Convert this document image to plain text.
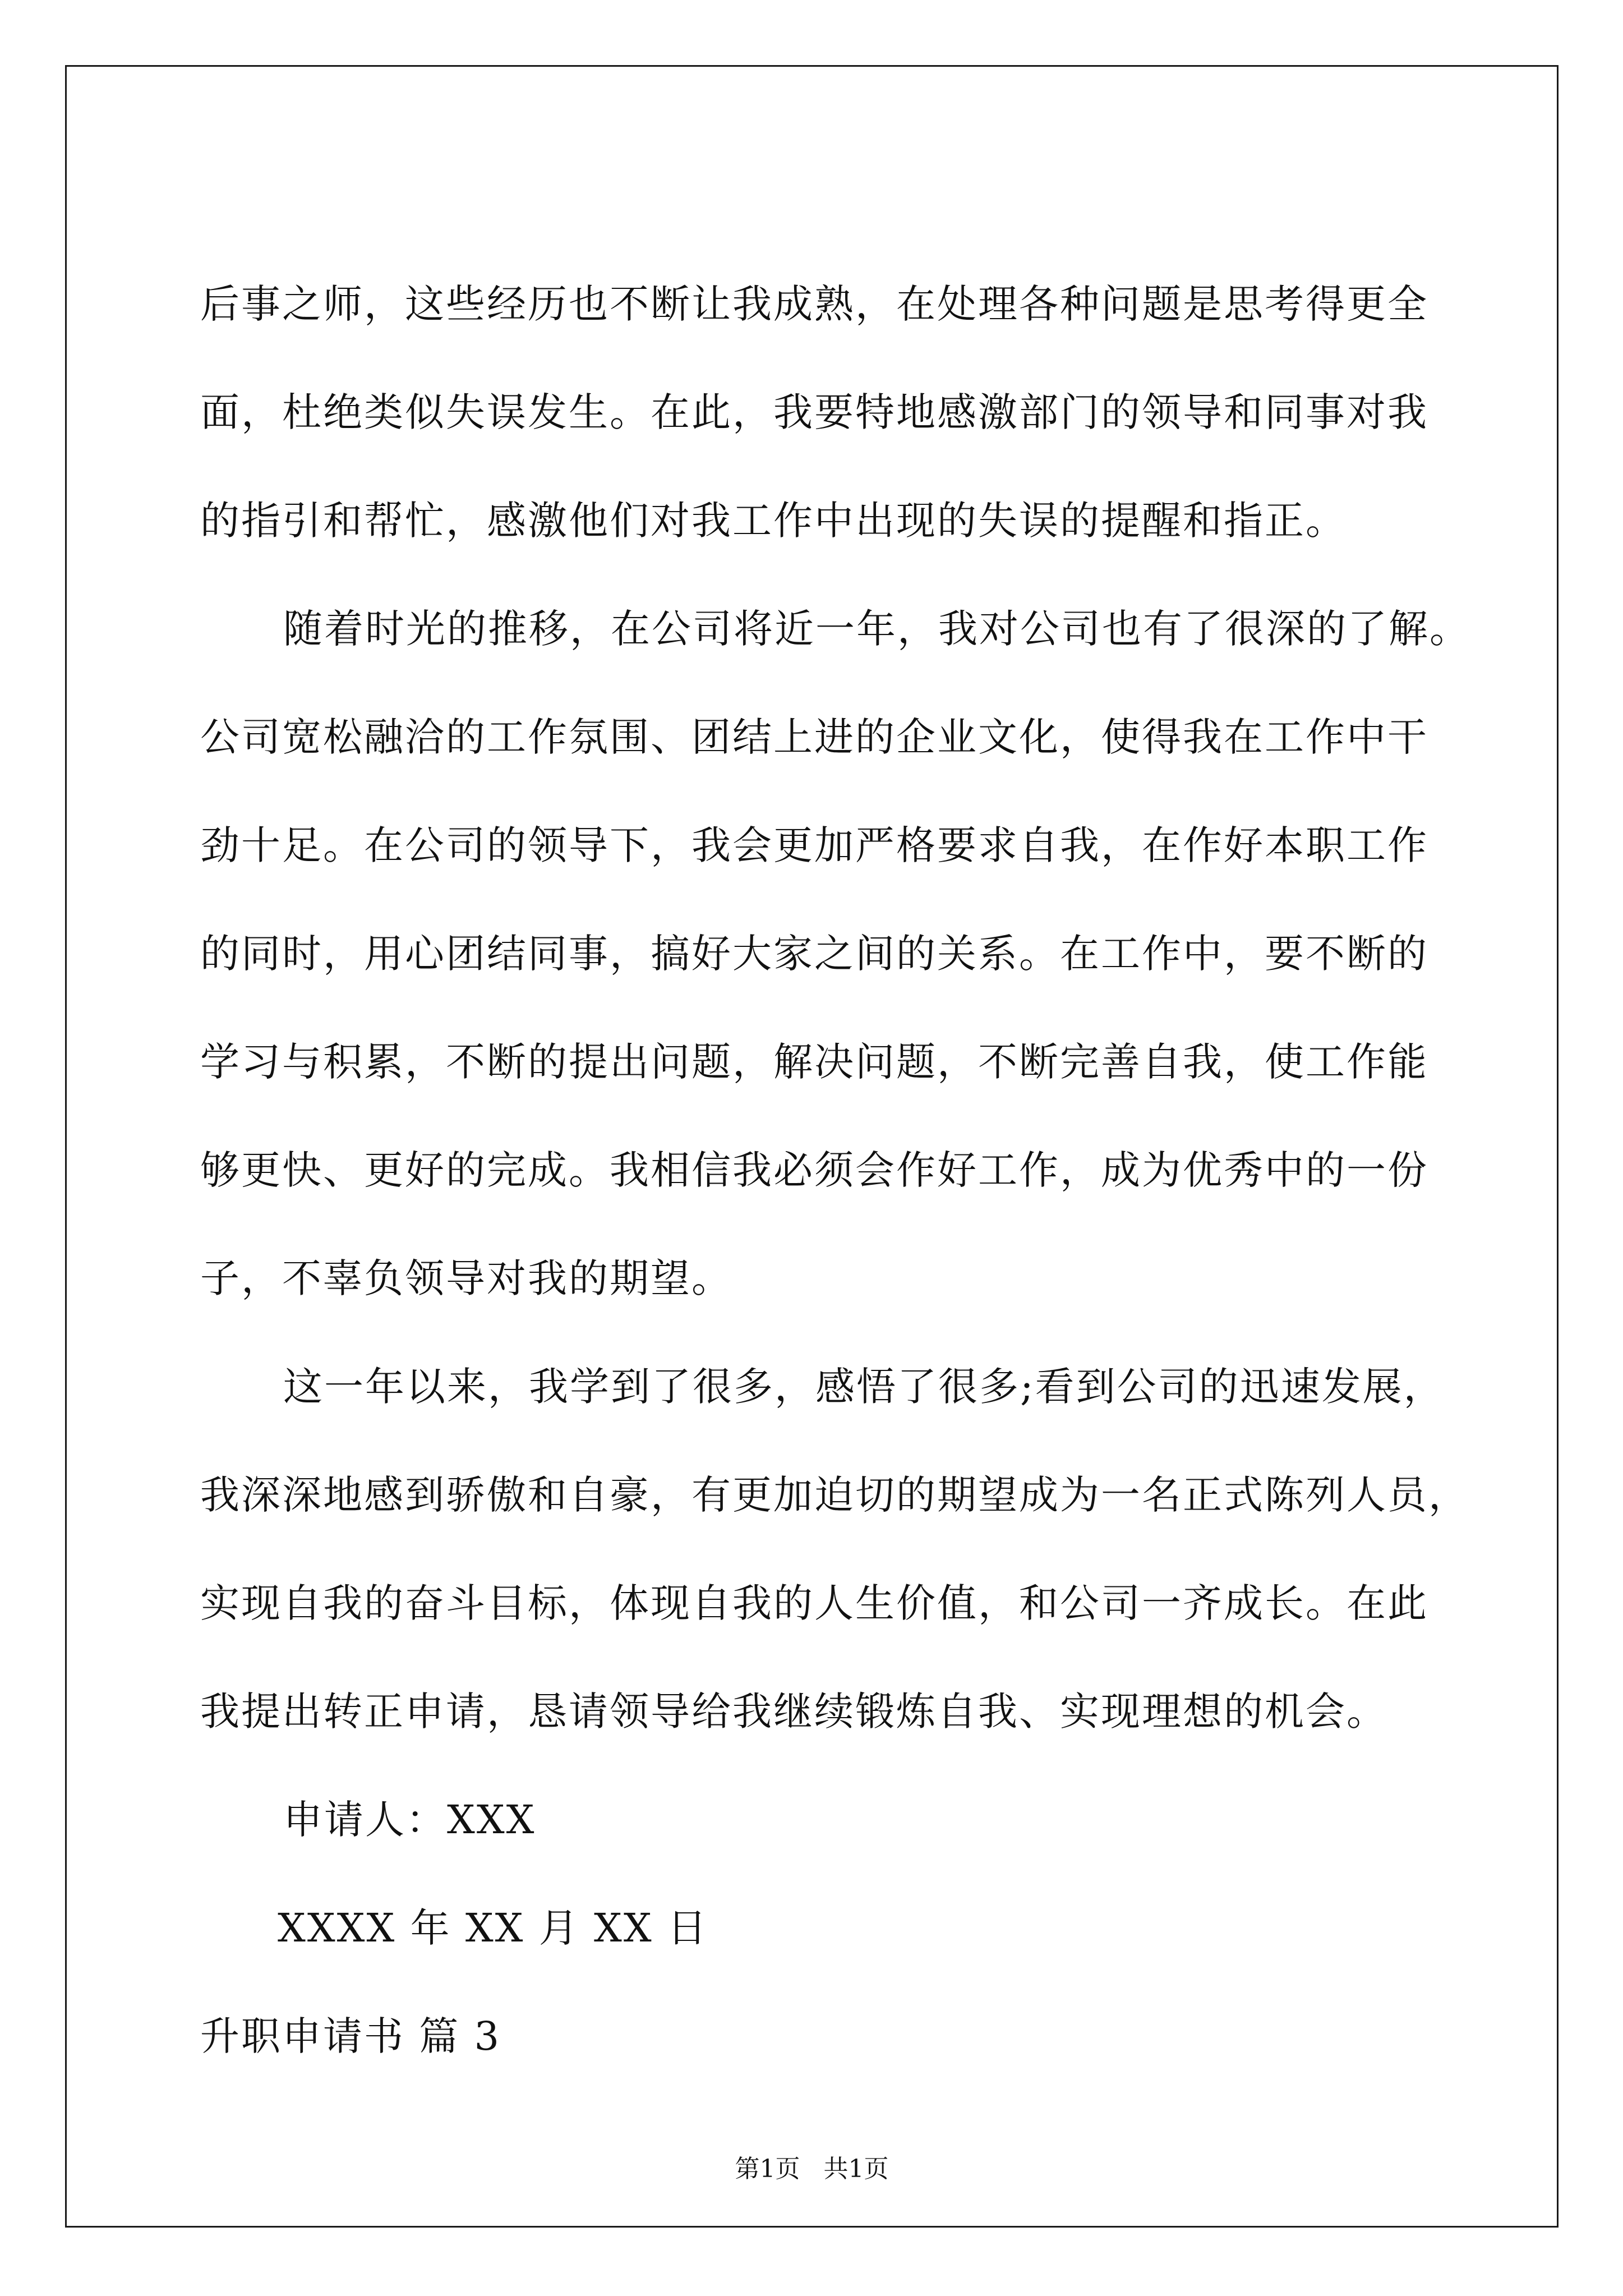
后事之师，这些经历也不断让我成熟，在处理各种问题是思考得更全
面，杜绝类似失误发生。在此，我要特地感激部门的领导和同事对我
的指引和帮忙，感激他们对我工作中出现的失误的提醒和指正。
随着时光的推移，在公司将近一年，我对公司也有了很深的了解。
公司宽松融洽的工作氛围、团结上进的企业文化，使得我在工作中干
劲十足。在公司的领导下，我会更加严格要求自我，在作好本职工作
的同时，用心团结同事，搞好大家之间的关系。在工作中，要不断的
学习与积累，不断的提出问题，解决问题，不断完善自我，使工作能
够更快、更好的完成。我相信我必须会作好工作，成为优秀中的一份
子，不辜负领导对我的期望。
这一年以来，我学到了很多，感悟了很多;看到公司的迅速发展，
我深深地感到骄傲和自豪，有更加迫切的期望成为一名正式陈列人员，
实现自我的奋斗目标，体现自我的人生价值，和公司一齐成长。在此
我提出转正申请，恳请领导给我继续锻炼自我、实现理想的机会。
申请人：XXX
XXXX 年 XX 月 XX 日
升职申请书 篇 3
第1页   共1页
